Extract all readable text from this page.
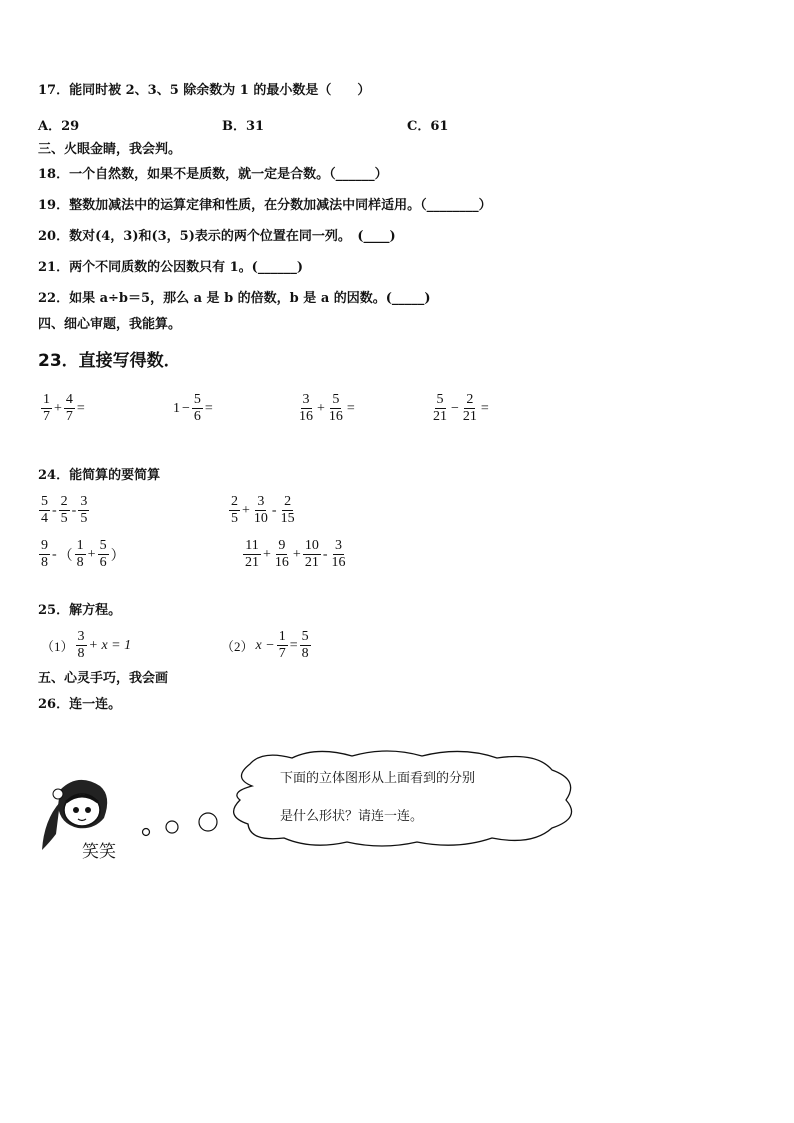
17．能同时被 2、3、5 除余数为 1 的最小数是（　　）
A．29	B．31	C．61
三、火眼金睛，我会判。
18．一个自然数，如果不是质数，就一定是合数。（______）
19．整数加减法中的运算定律和性质，在分数加减法中同样适用。（________）
20．数对(4，3)和(3，5)表示的两个位置在同一列。　(____)
21．两个不同质数的公因数只有 1。(______)
22．如果 a÷b＝5，那么 a 是 b 的倍数，b 是 a 的因数。(_____)
四、细心审题，我能算。
23．直接写得数．
$\frac{1}{7} + \frac{4}{7}$ =	$1 - \frac{5}{6}$ =	$\frac{3}{16} + \frac{5}{16}$ =	$\frac{5}{21} - \frac{2}{21}$ =
24．能简算的要简算
$\frac{5}{4} - \frac{2}{5} - \frac{3}{5}$	$\frac{2}{5} + \frac{3}{10} - \frac{2}{15}$
$\frac{9}{8}$ - （ $\frac{1}{8} + \frac{5}{6}$ ）	$\frac{11}{21} + \frac{9}{16} + \frac{10}{21} - \frac{3}{16}$
25．解方程。
$(1) \frac{3}{8} + x = 1$	（2） $x - \frac{1}{7} = \frac{5}{8}$
五、心灵手巧，我会画
26．连一连。
笑笑
下面的立体图形从上面看到的分别
是什么形状？请连一连。
